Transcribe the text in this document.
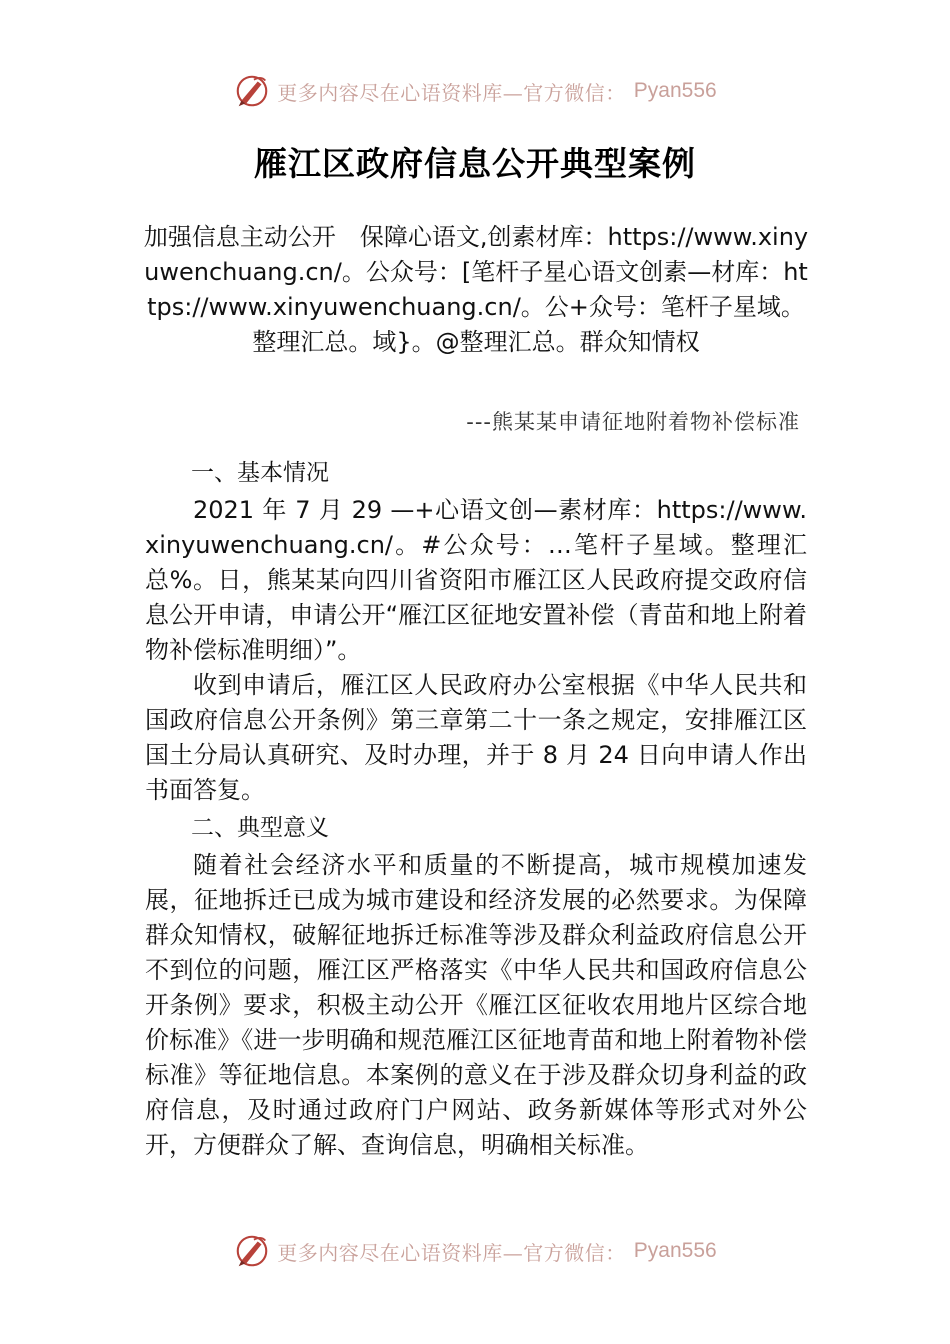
更多内容尽在心语资料库—官方微信： Pyan556
雁江区政府信息公开典型案例
加强信息主动公开　保障心语文,创素材库：https://www.xinyuwenchuang.cn/。公众号：[笔杆子星心语文创素—材库：https://www.xinyuwenchuang.cn/。公+众号：笔杆子星域。整理汇总。域}。@整理汇总。群众知情权
---熊某某申请征地附着物补偿标准
一、基本情况

2021 年 7 月 29 —+心语文创—素材库：https://www.xinyuwenchuang.cn/。#公众号：…笔杆子星域。整理汇总%。日，熊某某向四川省资阳市雁江区人民政府提交政府信息公开申请，申请公开“雁江区征地安置补偿（青苗和地上附着物补偿标准明细）”。

收到申请后，雁江区人民政府办公室根据《中华人民共和国政府信息公开条例》第三章第二十一条之规定，安排雁江区国土分局认真研究、及时办理，并于 8 月 24 日向申请人作出书面答复。

二、典型意义

随着社会经济水平和质量的不断提高，城市规模加速发展，征地拆迁已成为城市建设和经济发展的必然要求。为保障群众知情权，破解征地拆迁标准等涉及群众利益政府信息公开不到位的问题，雁江区严格落实《中华人民共和国政府信息公开条例》要求，积极主动公开《雁江区征收农用地片区综合地价标准》《进一步明确和规范雁江区征地青苗和地上附着物补偿标准》等征地信息。本案例的意义在于涉及群众切身利益的政府信息，及时通过政府门户网站、政务新媒体等形式对外公开，方便群众了解、查询信息，明确相关标准。

更多内容尽在心语资料库—官方微信： Pyan556
